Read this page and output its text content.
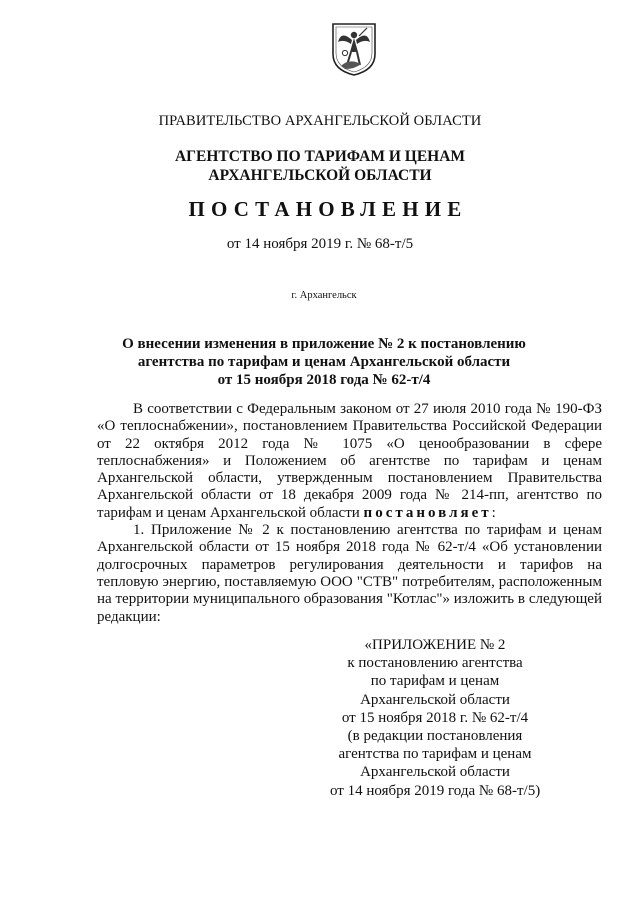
ПРАВИТЕЛЬСТВО АРХАНГЕЛЬСКОЙ ОБЛАСТИ
АГЕНТСТВО ПО ТАРИФАМ И ЦЕНАМ
АРХАНГЕЛЬСКОЙ ОБЛАСТИ
ПОСТАНОВЛЕНИЕ
от 14 ноября 2019 г. № 68-т/5
г. Архангельск
О внесении изменения в приложение № 2 к постановлению
агентства по тарифам и ценам Архангельской области
от 15 ноября 2018 года № 62-т/4

В соответствии с Федеральным законом от 27 июля 2010 года № 190-ФЗ «О теплоснабжении», постановлением Правительства Российской Федерации от 22 октября 2012 года № 1075 «О ценообразовании в сфере теплоснабжения» и Положением об агентстве по тарифам и ценам Архангельской области, утвержденным постановлением Правительства Архангельской области от 18 декабря 2009 года № 214-пп, агентство по тарифам и ценам Архангельской области постановляет:

1. Приложение № 2 к постановлению агентства по тарифам и ценам Архангельской области от 15 ноября 2018 года № 62-т/4 «Об установлении долгосрочных параметров регулирования деятельности и тарифов на тепловую энергию, поставляемую ООО "СТВ" потребителям, расположенным на территории муниципального образования "Котлас"» изложить в следующей редакции:

«ПРИЛОЖЕНИЕ № 2
к постановлению агентства
по тарифам и ценам
Архангельской области
от 15 ноября 2018 г. № 62-т/4
(в редакции постановления
агентства по тарифам и ценам
Архангельской области
от 14 ноября 2019 года № 68-т/5)
